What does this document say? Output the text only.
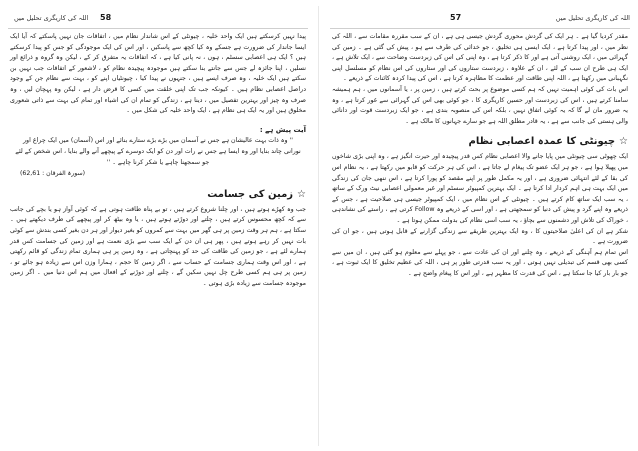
58
اللہ کی کاریگری تحلیل میں

پیدا نہیں کرسکتے ہیں ایک واحد خلیہ ، چیونٹی کے اس شاندار نظام میں ، اتفاقات جان نہیں پاسکتے کہ آیا ایک ایسا جاندار کی ضرورت ہے جسکے وہ کیا کچھ سے پاسکیں ، اور اس کی ایک موجودگی کو جس کو پیدا کرسکتے ہیں ؟ ایک ہی اعصابی سسٹم ، ہوں ، نہ پانی کیا ہے ، کہ اتفاقات یہ متفرق کر کے ، لیکن وہ گروہ و ذرائع اور نسلیں ، اپنا جائزہ لے جس سے جانتے بنا سکتے ہیں موجودہ پیچیدہ نظام کو ، لاشعور کے اتفاقات جب نہیں بن سکتے ہیں ایک خلیہ ، وہ صرف ایسے ہیں ، جنہوں نے پیدا کیا ، چیونٹیاں اپنے کو ، بہت سے نظام جن کے وجود دراصل اعصابی نظام ہیں ۔ کیونکہ جب تک اپنی خلقت میں کسی کا قرض دار ہے ، لیکن وہ پہچان لیں ، وہ صرف وہ چیز اور بہترین تفصیل میں ، دینا ہے ، زندگی کو تمام ان کی اشیاء اور تمام کی بہت سے ذاتی شعوری مخلوق ہیں اور یہ ایک ہی نظام ہے ، ایک واحد خلیہ کی شکل میں ۔

آیت پیش ہے :
'' وہ ذات بہت عالیشان ہے جس نے آسمان میں بڑے بڑے ستارے بنائے اور اس (آسمان) میں ایک چراغ اور نورانی چاند بنایا اور وہ ایسا ہے جس نے رات اور دن کو ایک دوسرے کے پیچھے آنے والے بنایا ، اس شخص کے لئے جو سمجھنا چاہے یا شکر کرنا چاہے ۔ ''
(سورۃ الفرقان : 62,61)
☆زمین کی جسامت

جب وہ کھڑے ہوتے ہیں ، اور چلنا شروع کرتے ہیں ، تو بے پناہ طاقت ہوتی ہے کہ کوئی آواز ہو یا بچے کی جانب سے کہ کچھ محسوس کرتے ہیں ، چلتے اور دوڑتے ہوتے ہیں ، یا وہ بیٹھ کر اور پیچھے کی طرف دیکھتے ہیں ۔ سکتا ہے ، ہم ہر وقت زمین پر ہی گھر میں بہت سے کمروں کو بغیر دیوار اور ہر دن بغیر کسی بندش سے کوئی بات نہیں کر رہے ہوتے ہیں ، پھر ہی ان دن کے ایک سب سے بڑی نعمت ہے اور زمین کی جسامت کس قدر ہمارے لئے ہے ، جو زمین کی طاقت کی حد کو پہنچاتی ہے ، وہ زمین پر ہی ہماری تمام زندگی کو قائم رکھتی ہے ، اور اس وقت ہماری جسامت کے حساب سے ، اگر زمین کا حجم ، ہمارا وزن اس سے زیادہ ہو جائے تو ، زمین پر ہی ہم کسی طرح چل نہیں سکیں گے ، چلنے اور دوڑنے کے افعال میں ہم اس دنیا میں ۔ اگر زمین موجودہ جسامت سے زیادہ بڑی ہوتی ۔

57	اللہ کی کاریگری تحلیل میں

مقدر کردیا گیا ہے ۔ ہر ایک کی گردش محوری گردش جیسی ہی ہے ، ان کے سب مقررہ مقامات سے ، اللہ کی نظر میں ، اور پیدا کرتا ہے ، ایک ایسی ہی تخلیق ، جو خدائی کی طرف سے ہو ، پیش کی گئی ہے ۔ زمین کی گہرائی میں ، ایک روشنی آتی ہے اور کا ذکر کرتا ہے ، وہ اپنی کی اس کی زبردست وضاحت سے ، ایک تلاش ہے ، ایک ہی طرح ان سب کے لئے ، ان کے علاوہ ، زبردست ستاروں کی اور ستاروں کی اس نظام کو مسلسل اپنی نگہبانی میں رکھتا ہے ، اللہ اپنی طاقت اور عظمت کا مظاہرہ کرتا ہے ، اس کی پیدا کردہ کائنات کے ذریعے ۔

اس بات کی کوئی اہمیت نہیں کہ ہم کسی موضوع پر بحث کرتے ہیں ، زمین پر ، یا آسمانوں میں ، ہم ہمیشہ سامنا کرتے ہیں ، اس کی زبردست اور حسین کاریگری کا ، جو کوئی بھی اس کی گہرائی سے غور کرتا ہے ، وہ یہ ضرور مان لے گا کہ یہ کوئی اتفاق نہیں ، بلکہ اس کی منصوبہ بندی ہے ، جو ایک زبردست قوت اور دانائی والی ہستی کی جانب سے ہے ، یہ قادر مطلق اللہ ہے جو سارے جہانوں کا مالک ہے ۔

☆چیونٹی کا عمدہ اعصابی نظام

ایک چھوٹی سی چیونٹی میں پایا جانے والا اعصابی نظام کس قدر پیچیدہ اور حیرت انگیز ہے ، وہ اپنی بڑی شاخوں میں پھیلا ہوا ہے ، جو ہر ایک عضو تک پیغام لے جاتا ہے ، اس کی ہر حرکت کو قابو میں رکھتا ہے ، یہ نظام اس کی بقا کے لئے انتہائی ضروری ہے ، اور یہ مکمل طور پر اپنے مقصد کو پورا کرتا ہے ، اس ننھی جان کی زندگی میں ایک بہت ہی اہم کردار ادا کرتا ہے ۔ ایک بہترین کمپیوٹر سسٹم اور غیر معمولی اعصابی نیٹ ورک کے ساتھ ، یہ سب ایک ساتھ کام کرتے ہیں ۔ چیونٹی کے اس نظام میں ، ایک کمپیوٹر جیسی ہی صلاحیت ہے ، جس کے ذریعے وہ اپنے گرد و پیش کی دنیا کو سمجھتی ہے ، اور اسی کے ذریعے وہ Follow کرتی ہے ، راستے کی نشاندہی ، خوراک کی تلاش اور دشمنوں سے بچاؤ ، یہ سب اسی نظام کی بدولت ممکن ہوتا ہے ۔

شکر ہے ان کی اعلیٰ صلاحیتوں کا ، وہ ایک بہترین طریقے سے زندگی گزارنے کے قابل ہوتی ہیں ، جو ان کی ضرورت ہے ۔

اس تمام ہم آہنگی کے ذریعے ، وہ چلنے اور ان کی عادت سے ، جو پہلے سے معلوم ہو گئی ہیں ، ان میں سے کسی بھی قسم کی تبدیلی نہیں ہوتی ، اور یہ سب قدرتی طور پر ہی ، اللہ کی عظیم تخلیق کا ایک ثبوت ہے ، جو بار بار کیا جا سکتا ہے ، اس کی قدرت کا مظہر ہے ، اور اس کا پیغام واضح ہے ۔
